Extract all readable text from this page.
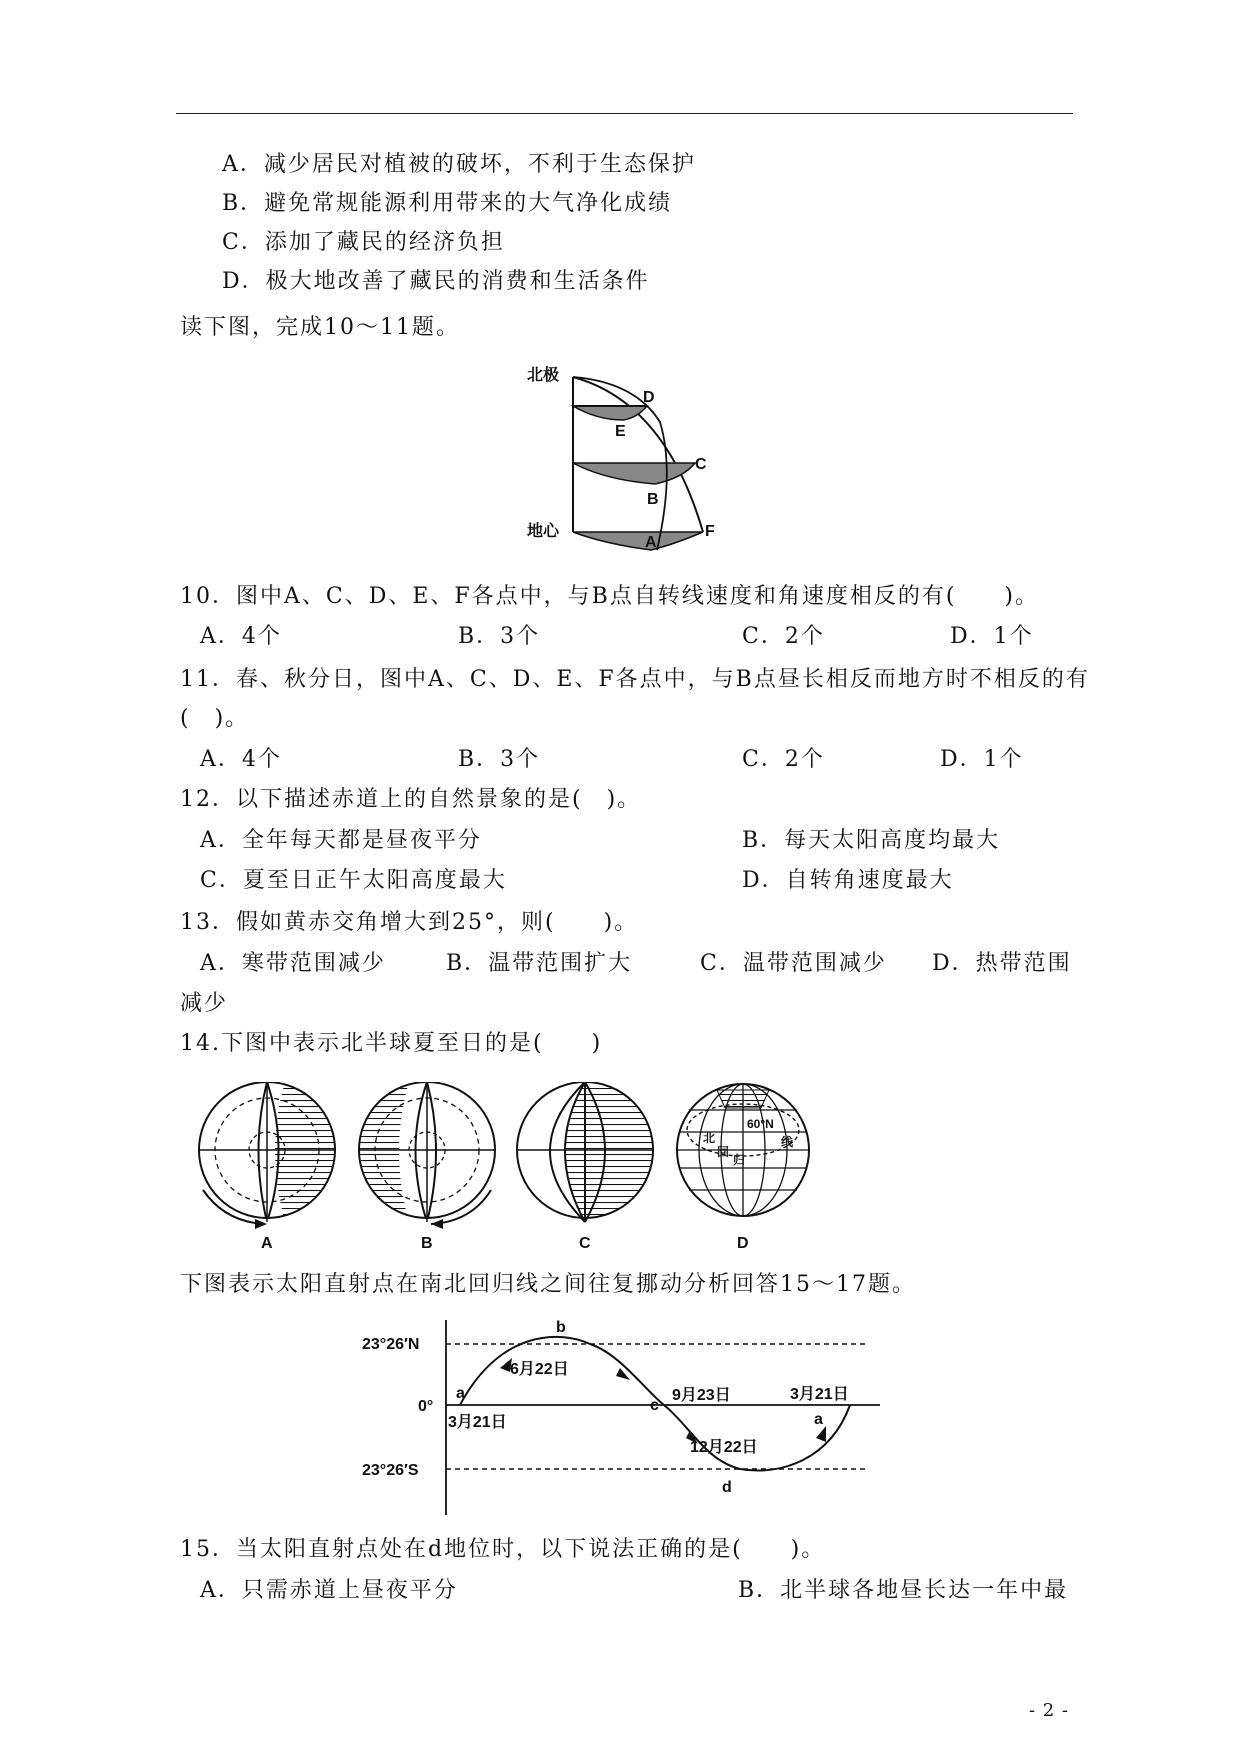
A．减少居民对植被的破坏，不利于生态保护
B．避免常规能源利用带来的大气净化成绩
C．添加了藏民的经济负担
D．极大地改善了藏民的消费和生活条件
读下图，完成10～11题。
北极
地心
D
E
C
B
A
F
10．图中A、C、D、E、F各点中，与B点自转线速度和角速度相反的有(　　)。
A．4个	B．3个	C．2个	D．1个
11．春、秋分日，图中A、C、D、E、F各点中，与B点昼长相反而地方时不相反的有
(　)。
A．4个	B．3个	C．2个	D．1个
12．以下描述赤道上的自然景象的是(　)。
A．全年每天都是昼夜平分	B．每天太阳高度均最大
C．夏至日正午太阳高度最大	D．自转角速度最大
13．假如黄赤交角增大到25°，则(　　)。
A．寒带范围减少	B．温带范围扩大	C．温带范围减少 D．热带范围
减少
14.下图中表示北半球夏至日的是(　　)
A	B	C
60°N
北
回
归
线
D
下图表示太阳直射点在南北回归线之间往复挪动分析回答15～17题。
23°26′N
0°
23°26′S
a
3月21日
b
6月22日
c
9月23日
12月22日
d
3月21日
a
15．当太阳直射点处在d地位时，以下说法正确的是(　　)。
A．只需赤道上昼夜平分	B．北半球各地昼长达一年中最
- 2 -
